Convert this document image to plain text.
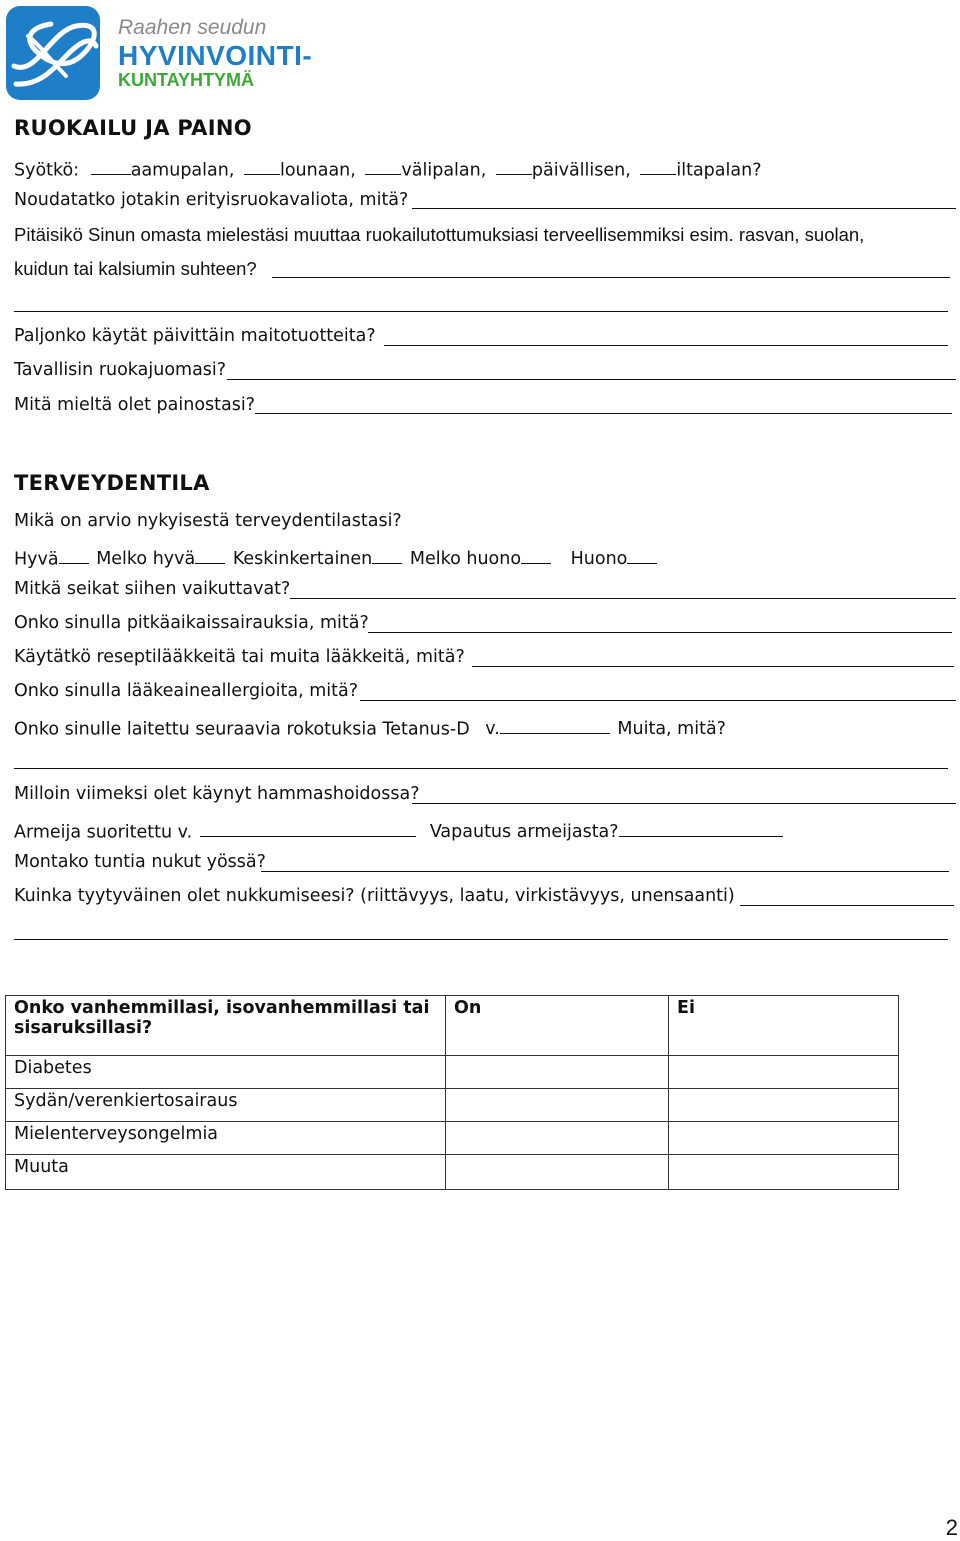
Raahen seudun
HYVINVOINTI-
KUNTAYHTYMÄ
RUOKAILU JA PAINO
Syötkö:	aamupalan,	lounaan,	välipalan,	päivällisen,	iltapalan?
Noudatatko jotakin erityisruokavaliota, mitä?
Pitäisikö Sinun omasta mielestäsi muuttaa ruokailutottumuksiasi terveellisemmiksi esim. rasvan, suolan,
kuidun tai kalsiumin suhteen?
Paljonko käytät päivittäin maitotuotteita?
Tavallisin ruokajuomasi?
Mitä mieltä olet painostasi?
TERVEYDENTILA
Mikä on arvio nykyisestä terveydentilastasi?
Hyvä Melko hyvä Keskinkertainen Melko huono	Huono
Mitkä seikat siihen vaikuttavat?
Onko sinulla pitkäaikaissairauksia, mitä?
Käytätkö reseptilääkkeitä tai muita lääkkeitä, mitä?
Onko sinulla lääkeaineallergioita, mitä?
Onko sinulle laitettu seuraavia rokotuksia Tetanus-D v.	Muita, mitä?
Milloin viimeksi olet käynyt hammashoidossa?
Armeija suoritettu v.	Vapautus armeijasta?
Montako tuntia nukut yössä?
Kuinka tyytyväinen olet nukkumiseesi? (riittävyys, laatu, virkistävyys, unensaanti)
Onko vanhemmillasi, isovanhemmillasi tai sisaruksillasi?	On	Ei
Diabetes		
Sydän/verenkiertosairaus		
Mielenterveysongelmia		
Muuta		
2
